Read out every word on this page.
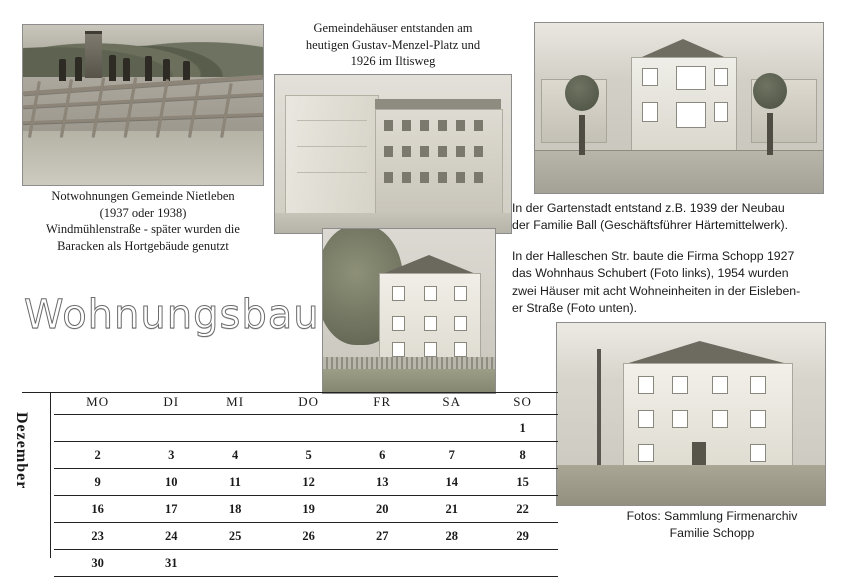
Notwohnungen Gemeinde Nietleben
(1937 oder 1938)
Windmühlenstraße - später wurden die
Baracken als Hortgebäude genutzt
Gemeindehäuser entstanden am
heutigen Gustav-Menzel-Platz und
1926 im Iltisweg
In der Gartenstadt entstand z.B. 1939 der Neubau
der Familie Ball (Geschäftsführer Härtemittelwerk).
In der Halleschen Str. baute die Firma Schopp 1927
das Wohnhaus Schubert (Foto links), 1954 wurden
zwei Häuser mit acht Wohneinheiten in der Eisleben-
er Straße (Foto unten).
Fotos: Sammlung Firmenarchiv
Familie Schopp
Wohnungsbau
Dezember
	MO	DI	MI	DO	FR	SA	SO
							1
	2	3	4	5	6	7	8
	9	10	11	12	13	14	15
	16	17	18	19	20	21	22
	23	24	25	26	27	28	29
	30	31					
